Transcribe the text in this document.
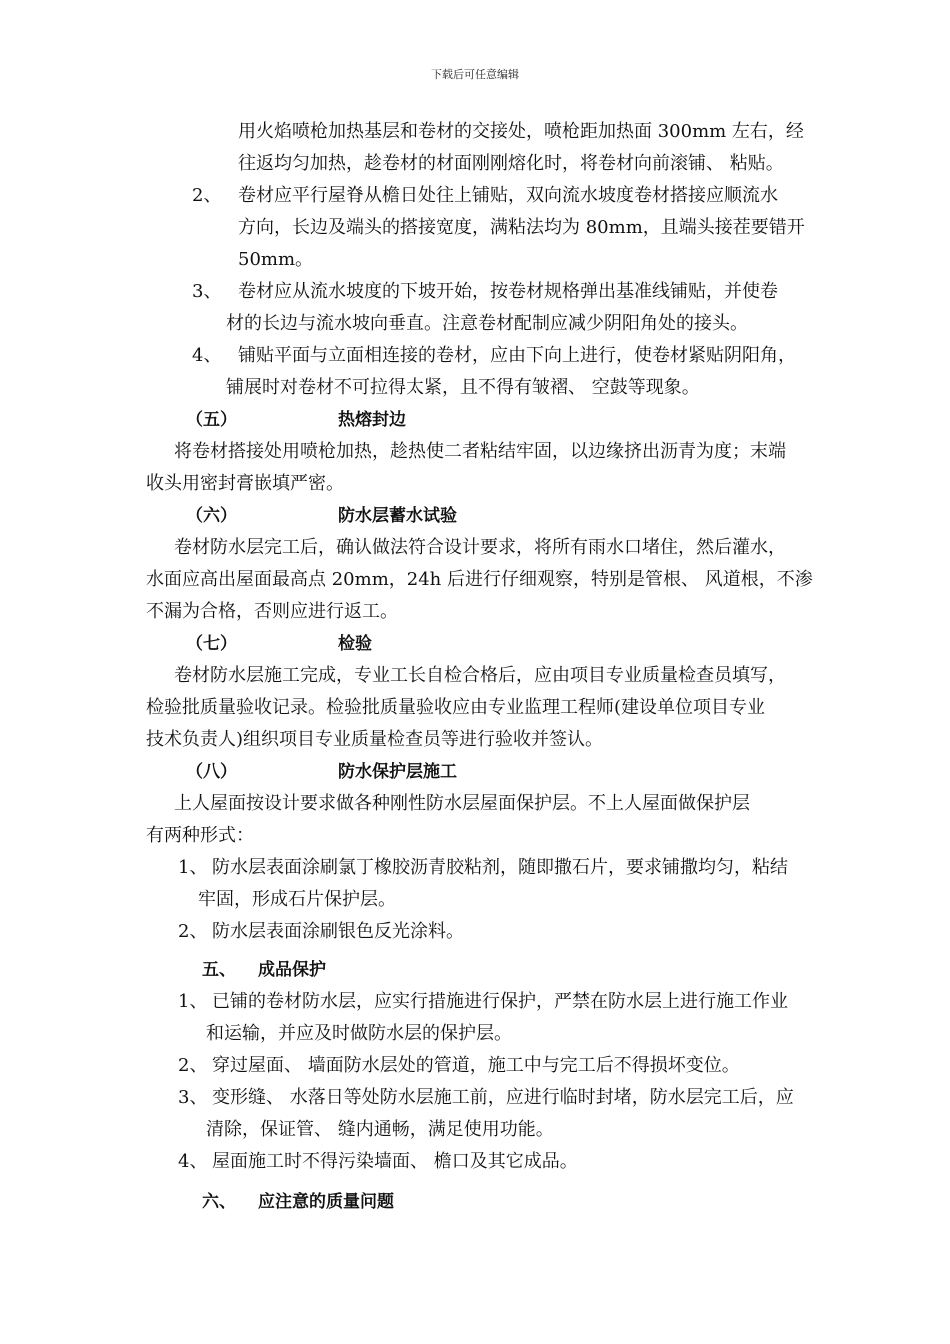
下载后可任意编辑
用火焰喷枪加热基层和卷材的交接处，喷枪距加热面 300mm 左右，经
往返均匀加热，趁卷材的材面刚刚熔化时，将卷材向前滚铺、 粘贴。
2、 卷材应平行屋脊从檐日处往上铺贴，双向流水坡度卷材搭接应顺流水
方向，长边及端头的搭接宽度，满粘法均为 80mm，且端头接茬要错开
50mm。
3、 卷材应从流水坡度的下坡开始，按卷材规格弹出基准线铺贴，并使卷
材的长边与流水坡向垂直。注意卷材配制应减少阴阳角处的接头。
4、 铺贴平面与立面相连接的卷材，应由下向上进行，使卷材紧贴阴阳角，
铺展时对卷材不可拉得太紧，且不得有皱褶、 空鼓等现象。
（五）	热熔封边
将卷材搭接处用喷枪加热，趁热使二者粘结牢固，以边缘挤出沥青为度；末端
收头用密封膏嵌填严密。
（六）	防水层蓄水试验
卷材防水层完工后，确认做法符合设计要求，将所有雨水口堵住，然后灌水，
水面应高出屋面最高点 20mm，24h 后进行仔细观察，特别是管根、 风道根，不渗
不漏为合格，否则应进行返工。
（七）	检验
卷材防水层施工完成，专业工长自检合格后，应由项目专业质量检查员填写，
检验批质量验收记录。检验批质量验收应由专业监理工程师(建设单位项目专业
技术负责人)组织项目专业质量检查员等进行验收并签认。
（八）	防水保护层施工
上人屋面按设计要求做各种刚性防水层屋面保护层。不上人屋面做保护层
有两种形式：
1、 防水层表面涂刷氯丁橡胶沥青胶粘剂，随即撒石片，要求铺撒均匀，粘结
牢固，形成石片保护层。
2、 防水层表面涂刷银色反光涂料。
五、	成品保护
1、 已铺的卷材防水层，应实行措施进行保护，严禁在防水层上进行施工作业
和运输，并应及时做防水层的保护层。
2、 穿过屋面、 墙面防水层处的管道，施工中与完工后不得损坏变位。
3、 变形缝、 水落日等处防水层施工前，应进行临时封堵，防水层完工后，应
清除，保证管、 缝内通畅，满足使用功能。
4、 屋面施工时不得污染墙面、 檐口及其它成品。
六、	应注意的质量问题
